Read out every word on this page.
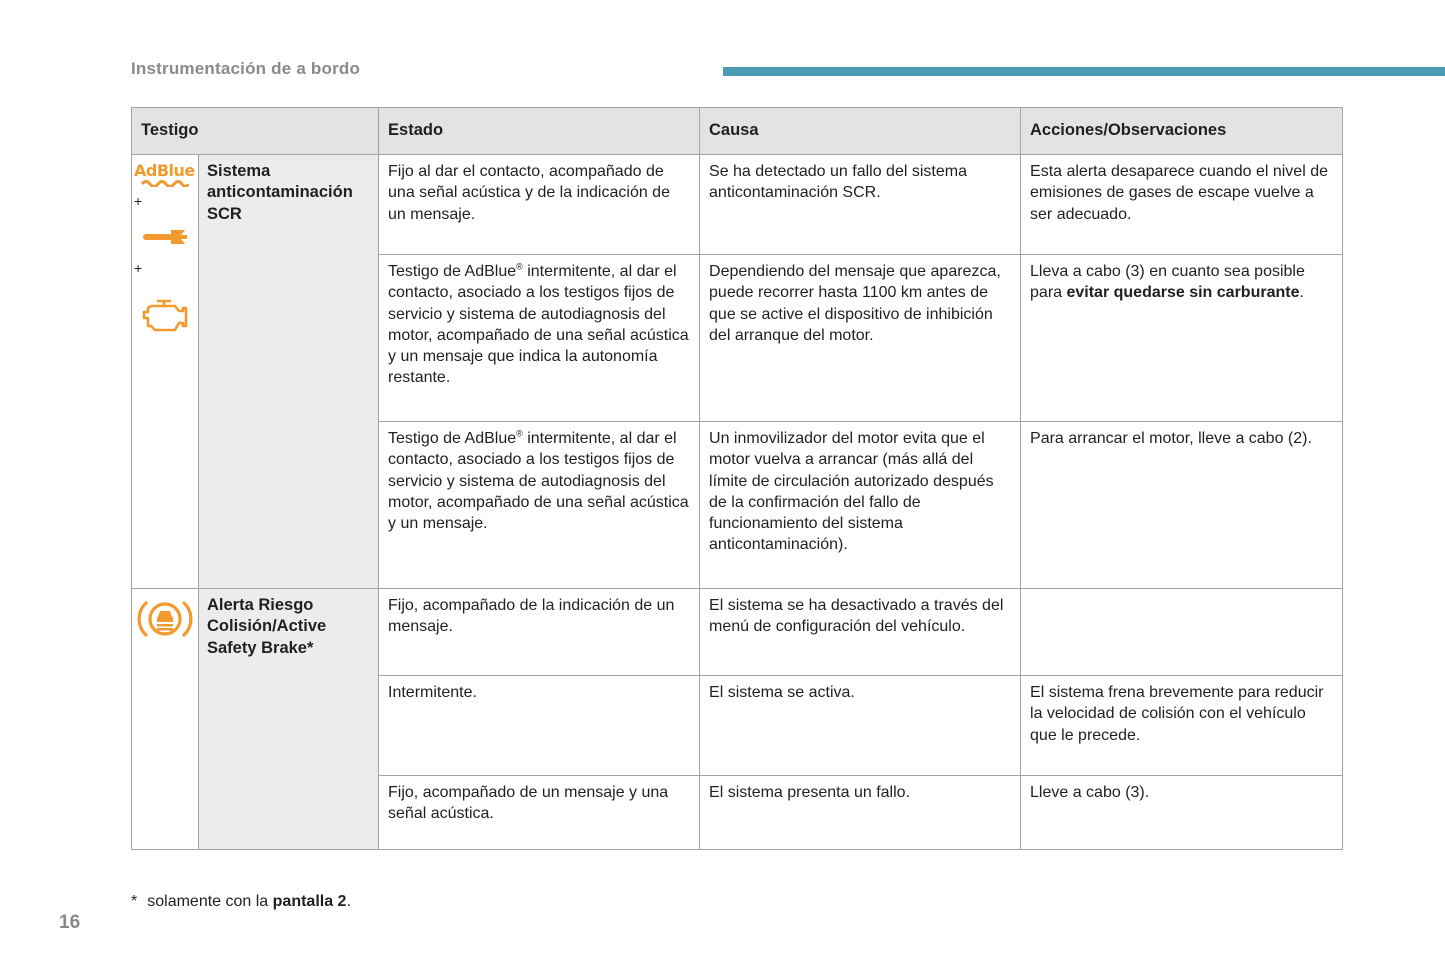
Instrumentación de a bordo
Testigo		Estado	Causa	Acciones/Observaciones

AdBlue
+
+	Sistema anticontaminación SCR	Fijo al dar el contacto, acompañado de una señal acústica y de la indicación de un mensaje.	Se ha detectado un fallo del sistema anticontaminación SCR.	Esta alerta desaparece cuando el nivel de emisiones de gases de escape vuelve a ser adecuado.
		Testigo de AdBlue® intermitente, al dar el contacto, asociado a los testigos fijos de servicio y sistema de autodiagnosis del motor, acompañado de una señal acústica y un mensaje que indica la autonomía restante.	Dependiendo del mensaje que aparezca, puede recorrer hasta 1100 km antes de que se active el dispositivo de inhibición del arranque del motor.	Lleva a cabo (3) en cuanto sea posible para evitar quedarse sin carburante.
		Testigo de AdBlue® intermitente, al dar el contacto, asociado a los testigos fijos de servicio y sistema de autodiagnosis del motor, acompañado de una señal acústica y un mensaje.	Un inmovilizador del motor evita que el motor vuelva a arrancar (más allá del límite de circulación autorizado después de la confirmación del fallo de funcionamiento del sistema anticontaminación).	Para arrancar el motor, lleve a cabo (2).

	Alerta Riesgo Colisión/Active Safety Brake*	Fijo, acompañado de la indicación de un mensaje.	El sistema se ha desactivado a través del menú de configuración del vehículo.	
		Intermitente.	El sistema se activa.	El sistema frena brevemente para reducir la velocidad de colisión con el vehículo que le precede.
		Fijo, acompañado de un mensaje y una señal acústica.	El sistema presenta un fallo.	Lleve a cabo (3).
* solamente con la pantalla 2.
16
